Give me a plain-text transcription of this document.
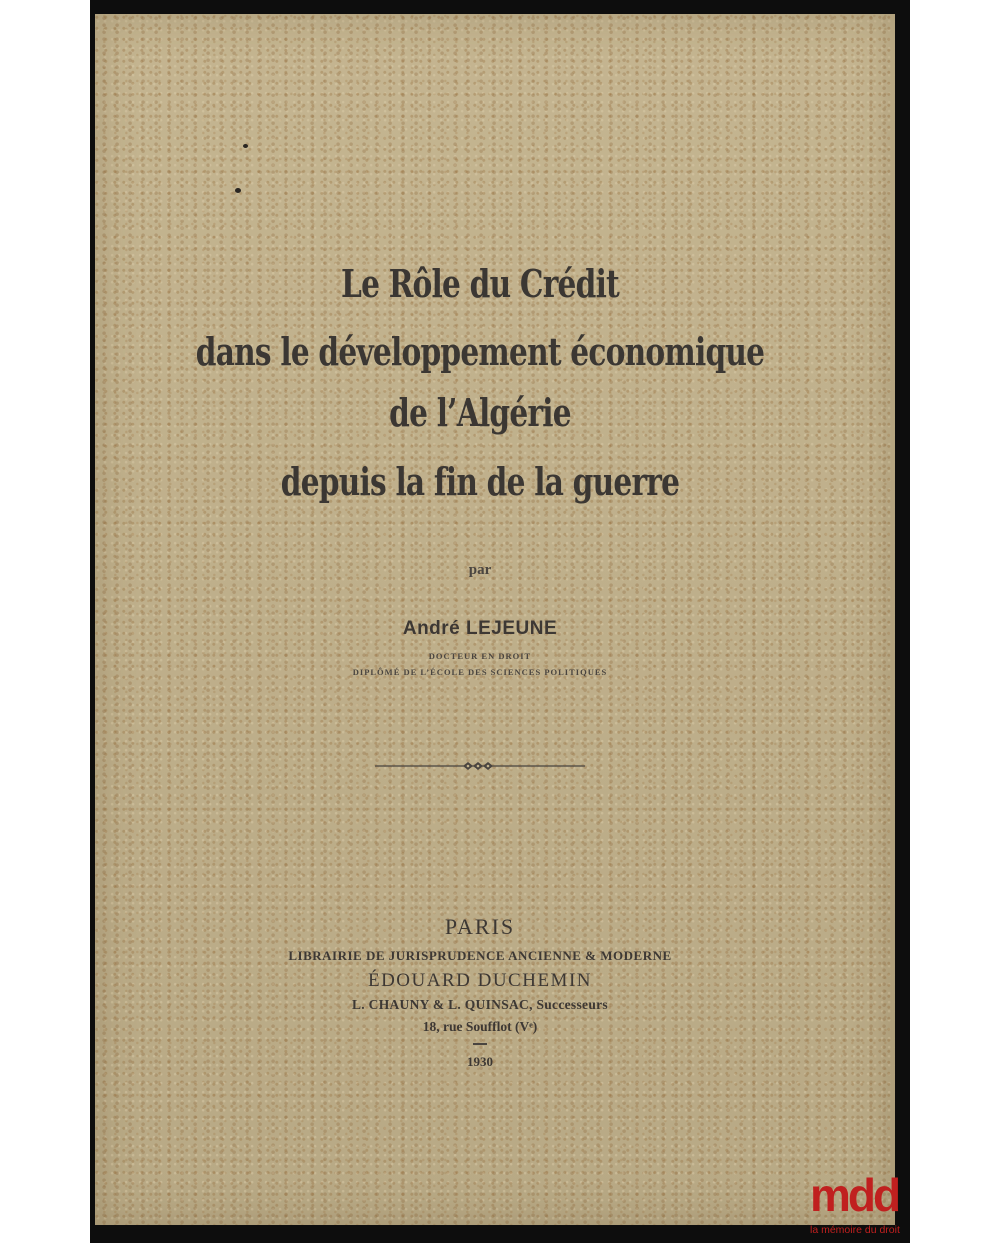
Le Rôle du Crédit
dans le développement économique
de l’Algérie
depuis la fin de la guerre
par
André LEJEUNE
DOCTEUR EN DROIT
DIPLÔMÉ DE L’ÉCOLE DES SCIENCES POLITIQUES
PARIS
LIBRAIRIE DE JURISPRUDENCE ANCIENNE & MODERNE
ÉDOUARD DUCHEMIN
L. CHAUNY & L. QUINSAC, Successeurs
18, rue Soufflot (Vᵉ)
1930
mdd
la mémoire du droit
